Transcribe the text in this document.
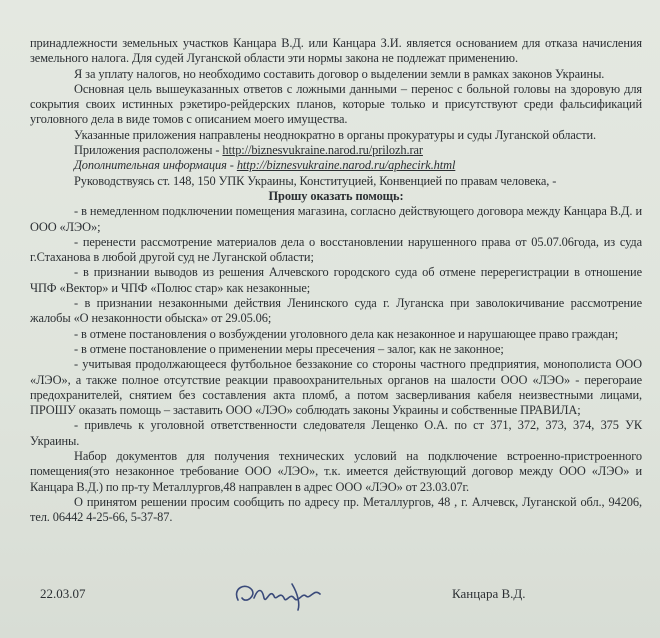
принадлежности земельных участков Канцара В.Д. или Канцара З.И. является основанием для отказа начисления земельного налога. Для судей Луганской области эти нормы закона не подлежат применению.

Я за уплату налогов, но необходимо составить договор о выделении земли в рамках законов Украины.

Основная цель вышеуказанных ответов с ложными данными – перенос с больной головы на здоровую для сокрытия своих истинных рэкетиро-рейдерских планов, которые только и присутствуют среди фальсификаций уголовного дела в виде томов с описанием моего имущества.

Указанные приложения направлены неоднократно в органы прокуратуры и суды Луганской области.

Приложения расположены - http://biznesvukraine.narod.ru/prilozh.rar

Дополнительная информация - http://biznesvukraine.narod.ru/aphecirk.html

Руководствуясь ст. 148, 150 УПК Украины, Конституцией, Конвенцией по правам человека, -

Прошу оказать помощь:

- в немедленном подключении помещения магазина, согласно действующего договора между Канцара В.Д. и ООО «ЛЭО»;

- перенести рассмотрение материалов дела о восстановлении нарушенного права от 05.07.06года, из суда г.Стаханова в любой другой суд не Луганской области;

- в признании выводов из решения Алчевского городского суда об отмене перерегистрации в отношение ЧПФ «Вектор» и ЧПФ «Полюс стар» как незаконные;

- в признании незаконными действия Ленинского суда г. Луганска при заволокичивание рассмотрение жалобы «О незаконности обыска» от 29.05.06;

- в отмене постановления о возбуждении уголовного дела как незаконное и нарушающее право граждан;

- в отмене постановление о применении меры пресечения – залог, как не законное;

- учитывая продолжающееся футбольное беззаконие со стороны частного предприятия, монополиста ООО «ЛЭО», а также полное отсутствие реакции правоохранительных органов на шалости ООО «ЛЭО» - перегораие предохранителей, снятием без составления акта пломб, а потом засверливания кабеля неизвестными лицами, ПРОШУ оказать помощь – заставить ООО «ЛЭО» соблюдать законы Украины и собственные ПРАВИЛА;

- привлечь к уголовной ответственности следователя Лещенко О.А. по ст 371, 372, 373, 374, 375 УК Украины.

Набор документов для получения технических условий на подключение встроенно-пристроенного помещения(это незаконное требование ООО «ЛЭО», т.к. имеется действующий договор между ООО «ЛЭО» и Канцара В.Д.) по пр-ту Металлургов,48 направлен в адрес ООО «ЛЭО» от 23.03.07г.

О принятом решении просим сообщить по адресу пр. Металлургов, 48 , г. Алчевск, Луганской обл., 94206, тел. 06442 4-25-66, 5-37-87.

22.03.07	Канцара В.Д.
